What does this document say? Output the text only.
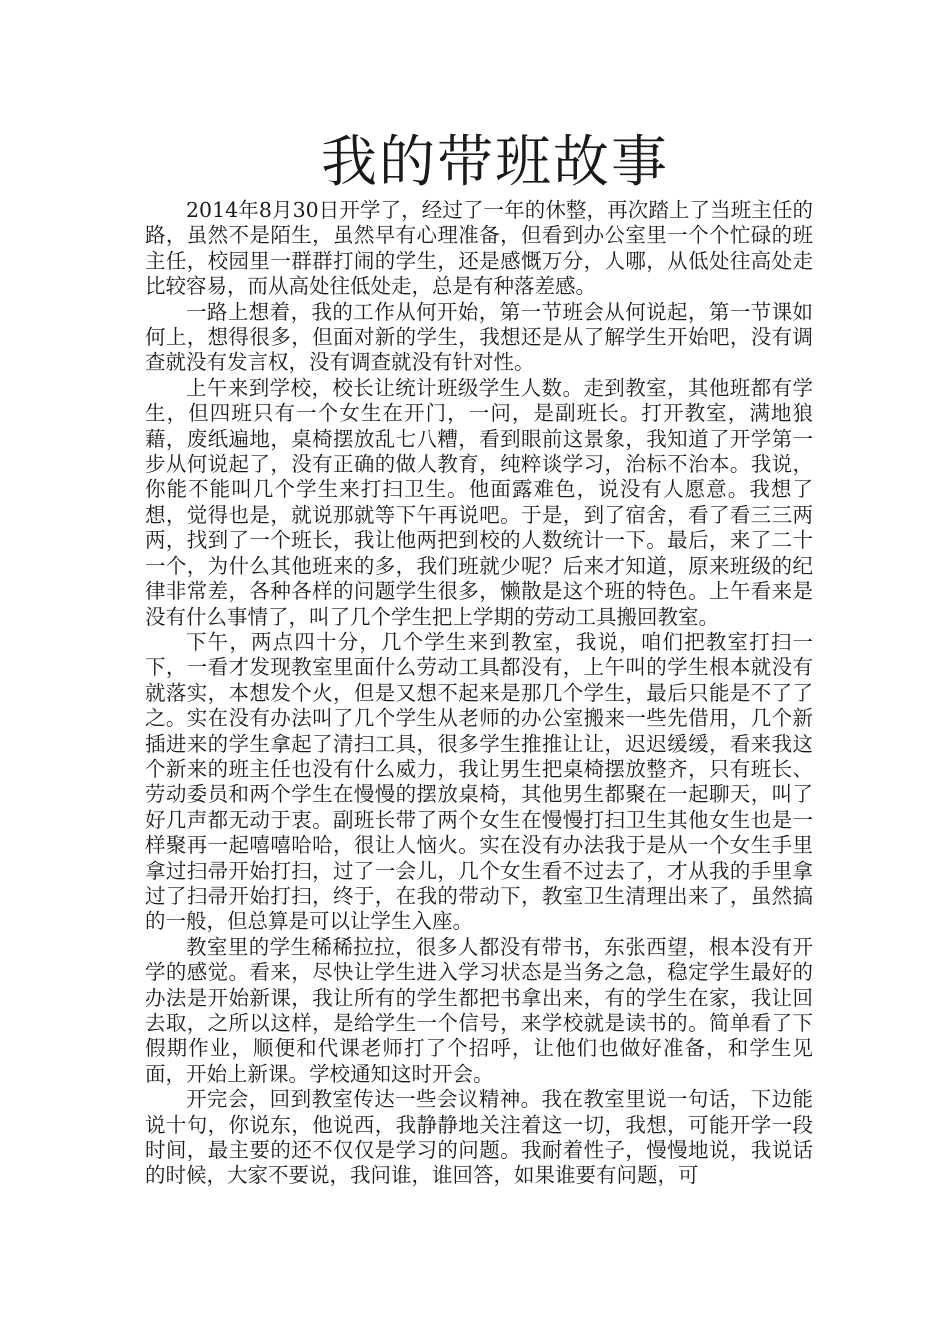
我的带班故事

2014年8月30日开学了，经过了一年的休整，再次踏上了当班主任的路，虽然不是陌生，虽然早有心理准备，但看到办公室里一个个忙碌的班主任，校园里一群群打闹的学生，还是感慨万分，人哪，从低处往高处走比较容易，而从高处往低处走，总是有种落差感。

一路上想着，我的工作从何开始，第一节班会从何说起，第一节课如何上，想得很多，但面对新的学生，我想还是从了解学生开始吧，没有调查就没有发言权，没有调查就没有针对性。

上午来到学校，校长让统计班级学生人数。走到教室，其他班都有学生，但四班只有一个女生在开门，一问，是副班长。打开教室，满地狼藉，废纸遍地，桌椅摆放乱七八糟，看到眼前这景象，我知道了开学第一步从何说起了，没有正确的做人教育，纯粹谈学习，治标不治本。我说，你能不能叫几个学生来打扫卫生。他面露难色，说没有人愿意。我想了想，觉得也是，就说那就等下午再说吧。于是，到了宿舍，看了看三三两两，找到了一个班长，我让他两把到校的人数统计一下。最后，来了二十一个，为什么其他班来的多，我们班就少呢？后来才知道，原来班级的纪律非常差，各种各样的问题学生很多，懒散是这个班的特色。上午看来是没有什么事情了，叫了几个学生把上学期的劳动工具搬回教室。

下午，两点四十分，几个学生来到教室，我说，咱们把教室打扫一下，一看才发现教室里面什么劳动工具都没有，上午叫的学生根本就没有就落实，本想发个火，但是又想不起来是那几个学生，最后只能是不了了之。实在没有办法叫了几个学生从老师的办公室搬来一些先借用，几个新插进来的学生拿起了清扫工具，很多学生推推让让，迟迟缓缓，看来我这个新来的班主任也没有什么威力，我让男生把桌椅摆放整齐，只有班长、劳动委员和两个学生在慢慢的摆放桌椅，其他男生都聚在一起聊天，叫了好几声都无动于衷。副班长带了两个女生在慢慢打扫卫生其他女生也是一样聚再一起嘻嘻哈哈，很让人恼火。实在没有办法我于是从一个女生手里拿过扫帚开始打扫，过了一会儿，几个女生看不过去了，才从我的手里拿过了扫帚开始打扫，终于，在我的带动下，教室卫生清理出来了，虽然搞的一般，但总算是可以让学生入座。

教室里的学生稀稀拉拉，很多人都没有带书，东张西望，根本没有开学的感觉。看来，尽快让学生进入学习状态是当务之急，稳定学生最好的办法是开始新课，我让所有的学生都把书拿出来，有的学生在家，我让回去取，之所以这样，是给学生一个信号，来学校就是读书的。简单看了下假期作业，顺便和代课老师打了个招呼，让他们也做好准备，和学生见面，开始上新课。学校通知这时开会。

开完会，回到教室传达一些会议精神。我在教室里说一句话，下边能说十句，你说东，他说西，我静静地关注着这一切，我想，可能开学一段时间，最主要的还不仅仅是学习的问题。我耐着性子，慢慢地说，我说话的时候，大家不要说，我问谁，谁回答，如果谁要有问题，可
